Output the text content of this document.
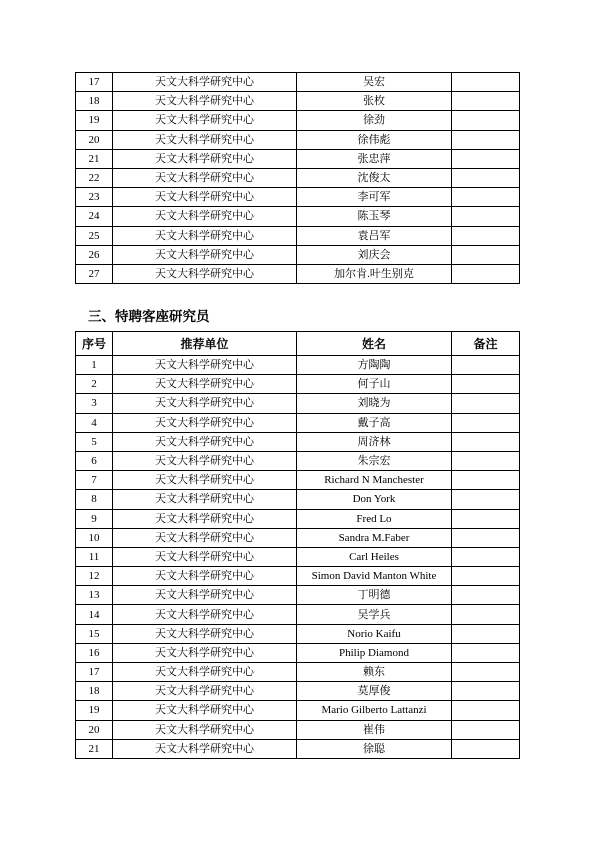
17	天文大科学研究中心	吴宏	
18	天文大科学研究中心	张枚	
19	天文大科学研究中心	徐劲	
20	天文大科学研究中心	徐伟彪	
21	天文大科学研究中心	张忠萍	
22	天文大科学研究中心	沈俊太	
23	天文大科学研究中心	李可军	
24	天文大科学研究中心	陈玉琴	
25	天文大科学研究中心	袁吕军	
26	天文大科学研究中心	刘庆会	
27	天文大科学研究中心	加尔肯.叶生别克	
三、特聘客座研究员
序号	推荐单位	姓名	备注
1	天文大科学研究中心	方陶陶	
2	天文大科学研究中心	何子山	
3	天文大科学研究中心	刘晓为	
4	天文大科学研究中心	戴子高	
5	天文大科学研究中心	周济林	
6	天文大科学研究中心	朱宗宏	
7	天文大科学研究中心	Richard N Manchester	
8	天文大科学研究中心	Don York	
9	天文大科学研究中心	Fred Lo	
10	天文大科学研究中心	Sandra M.Faber	
11	天文大科学研究中心	Carl Heiles	
12	天文大科学研究中心	Simon David Manton White	
13	天文大科学研究中心	丁明德	
14	天文大科学研究中心	吴学兵	
15	天文大科学研究中心	Norio Kaifu	
16	天文大科学研究中心	Philip Diamond	
17	天文大科学研究中心	赖东	
18	天文大科学研究中心	莫厚俊	
19	天文大科学研究中心	Mario Gilberto Lattanzi	
20	天文大科学研究中心	崔伟	
21	天文大科学研究中心	徐聪	
